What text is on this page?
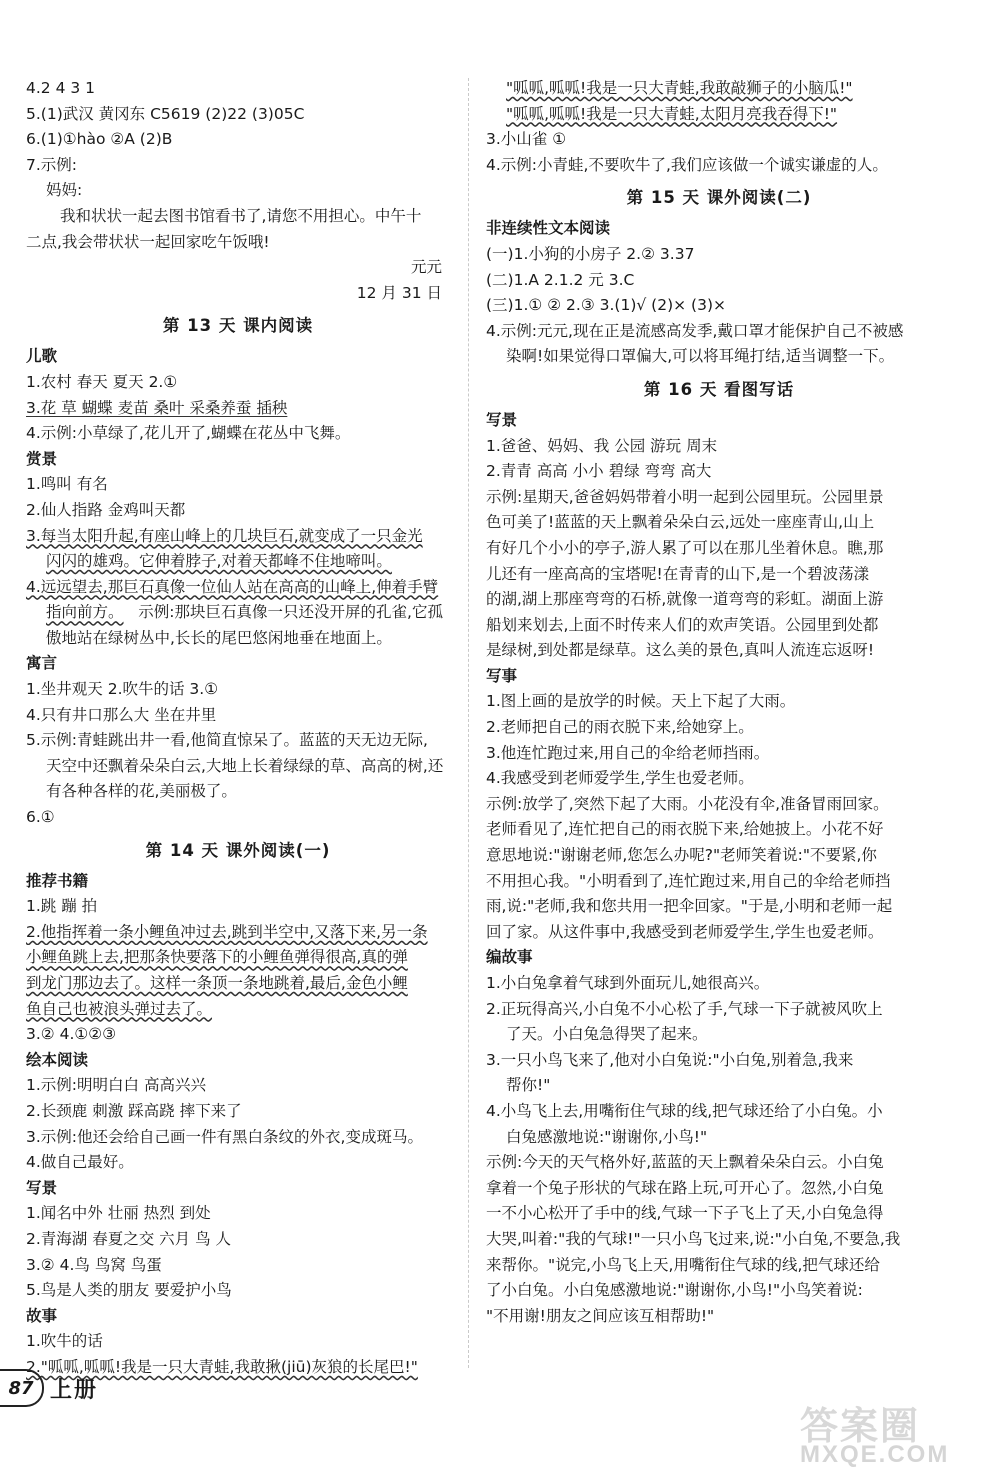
4.2 4 3 1
5.(1)武汉 黄冈东 C5619 (2)22 (3)05C
6.(1)①hào ②A (2)B
7.示例:
妈妈:
我和状状一起去图书馆看书了,请您不用担心。中午十
二点,我会带状状一起回家吃午饭哦!
元元
12 月 31 日
第 13 天 课内阅读
儿歌
1.农村 春天 夏天 2.①
3.花 草 蝴蝶 麦苗 桑叶 采桑养蚕 插秧
4.示例:小草绿了,花儿开了,蝴蝶在花丛中飞舞。
赏景
1.鸣叫 有名
2.仙人指路 金鸡叫天都
3.每当太阳升起,有座山峰上的几块巨石,就变成了一只金光
闪闪的雄鸡。它伸着脖子,对着天都峰不住地啼叫。
4.远远望去,那巨石真像一位仙人站在高高的山峰上,伸着手臂
指向前方。 示例:那块巨石真像一只还没开屏的孔雀,它孤
傲地站在绿树丛中,长长的尾巴悠闲地垂在地面上。
寓言
1.坐井观天 2.吹牛的话 3.①
4.只有井口那么大 坐在井里
5.示例:青蛙跳出井一看,他简直惊呆了。蓝蓝的天无边无际,
天空中还飘着朵朵白云,大地上长着绿绿的草、高高的树,还
有各种各样的花,美丽极了。
6.①
第 14 天 课外阅读(一)
推荐书籍
1.跳 蹦 拍
2.他指挥着一条小鲤鱼冲过去,跳到半空中,又落下来,另一条
小鲤鱼跳上去,把那条快要落下的小鲤鱼弹得很高,真的弹
到龙门那边去了。这样一条顶一条地跳着,最后,金色小鲤
鱼自己也被浪头弹过去了。
3.② 4.①②③
绘本阅读
1.示例:明明白白 高高兴兴
2.长颈鹿 刺激 踩高跷 摔下来了
3.示例:他还会给自己画一件有黑白条纹的外衣,变成斑马。
4.做自己最好。
写景
1.闻名中外 壮丽 热烈 到处
2.青海湖 春夏之交 六月 鸟 人
3.② 4.鸟 鸟窝 鸟蛋
5.鸟是人类的朋友 要爱护小鸟
故事
1.吹牛的话
2."呱呱,呱呱!我是一只大青蛙,我敢揪(jiū)灰狼的长尾巴!"
"呱呱,呱呱!我是一只大青蛙,我敢敲狮子的小脑瓜!"
"呱呱,呱呱!我是一只大青蛙,太阳月亮我吞得下!"
3.小山雀 ①
4.示例:小青蛙,不要吹牛了,我们应该做一个诚实谦虚的人。
第 15 天 课外阅读(二)
非连续性文本阅读
(一)1.小狗的小房子 2.② 3.37
(二)1.A 2.1.2 元 3.C
(三)1.① ② 2.③ 3.(1)√ (2)× (3)×
4.示例:元元,现在正是流感高发季,戴口罩才能保护自己不被感
染啊!如果觉得口罩偏大,可以将耳绳打结,适当调整一下。
第 16 天 看图写话
写景
1.爸爸、妈妈、我 公园 游玩 周末
2.青青 高高 小小 碧绿 弯弯 高大
示例:星期天,爸爸妈妈带着小明一起到公园里玩。公园里景
色可美了!蓝蓝的天上飘着朵朵白云,远处一座座青山,山上
有好几个小小的亭子,游人累了可以在那儿坐着休息。瞧,那
儿还有一座高高的宝塔呢!在青青的山下,是一个碧波荡漾
的湖,湖上那座弯弯的石桥,就像一道弯弯的彩虹。湖面上游
船划来划去,上面不时传来人们的欢声笑语。公园里到处都
是绿树,到处都是绿草。这么美的景色,真叫人流连忘返呀!
写事
1.图上画的是放学的时候。天上下起了大雨。
2.老师把自己的雨衣脱下来,给她穿上。
3.他连忙跑过来,用自己的伞给老师挡雨。
4.我感受到老师爱学生,学生也爱老师。
示例:放学了,突然下起了大雨。小花没有伞,准备冒雨回家。
老师看见了,连忙把自己的雨衣脱下来,给她披上。小花不好
意思地说:"谢谢老师,您怎么办呢?"老师笑着说:"不要紧,你
不用担心我。"小明看到了,连忙跑过来,用自己的伞给老师挡
雨,说:"老师,我和您共用一把伞回家。"于是,小明和老师一起
回了家。从这件事中,我感受到老师爱学生,学生也爱老师。
编故事
1.小白兔拿着气球到外面玩儿,她很高兴。
2.正玩得高兴,小白兔不小心松了手,气球一下子就被风吹上
了天。小白兔急得哭了起来。
3.一只小鸟飞来了,他对小白兔说:"小白兔,别着急,我来
帮你!"
4.小鸟飞上去,用嘴衔住气球的线,把气球还给了小白兔。小
白兔感激地说:"谢谢你,小鸟!"
示例:今天的天气格外好,蓝蓝的天上飘着朵朵白云。小白兔
拿着一个兔子形状的气球在路上玩,可开心了。忽然,小白兔
一不小心松开了手中的线,气球一下子飞上了天,小白兔急得
大哭,叫着:"我的气球!"一只小鸟飞过来,说:"小白兔,不要急,我
来帮你。"说完,小鸟飞上天,用嘴衔住气球的线,把气球还给
了小白兔。小白兔感激地说:"谢谢你,小鸟!"小鸟笑着说:
"不用谢!朋友之间应该互相帮助!"
87 上册
答案圈
MXQE.COM
